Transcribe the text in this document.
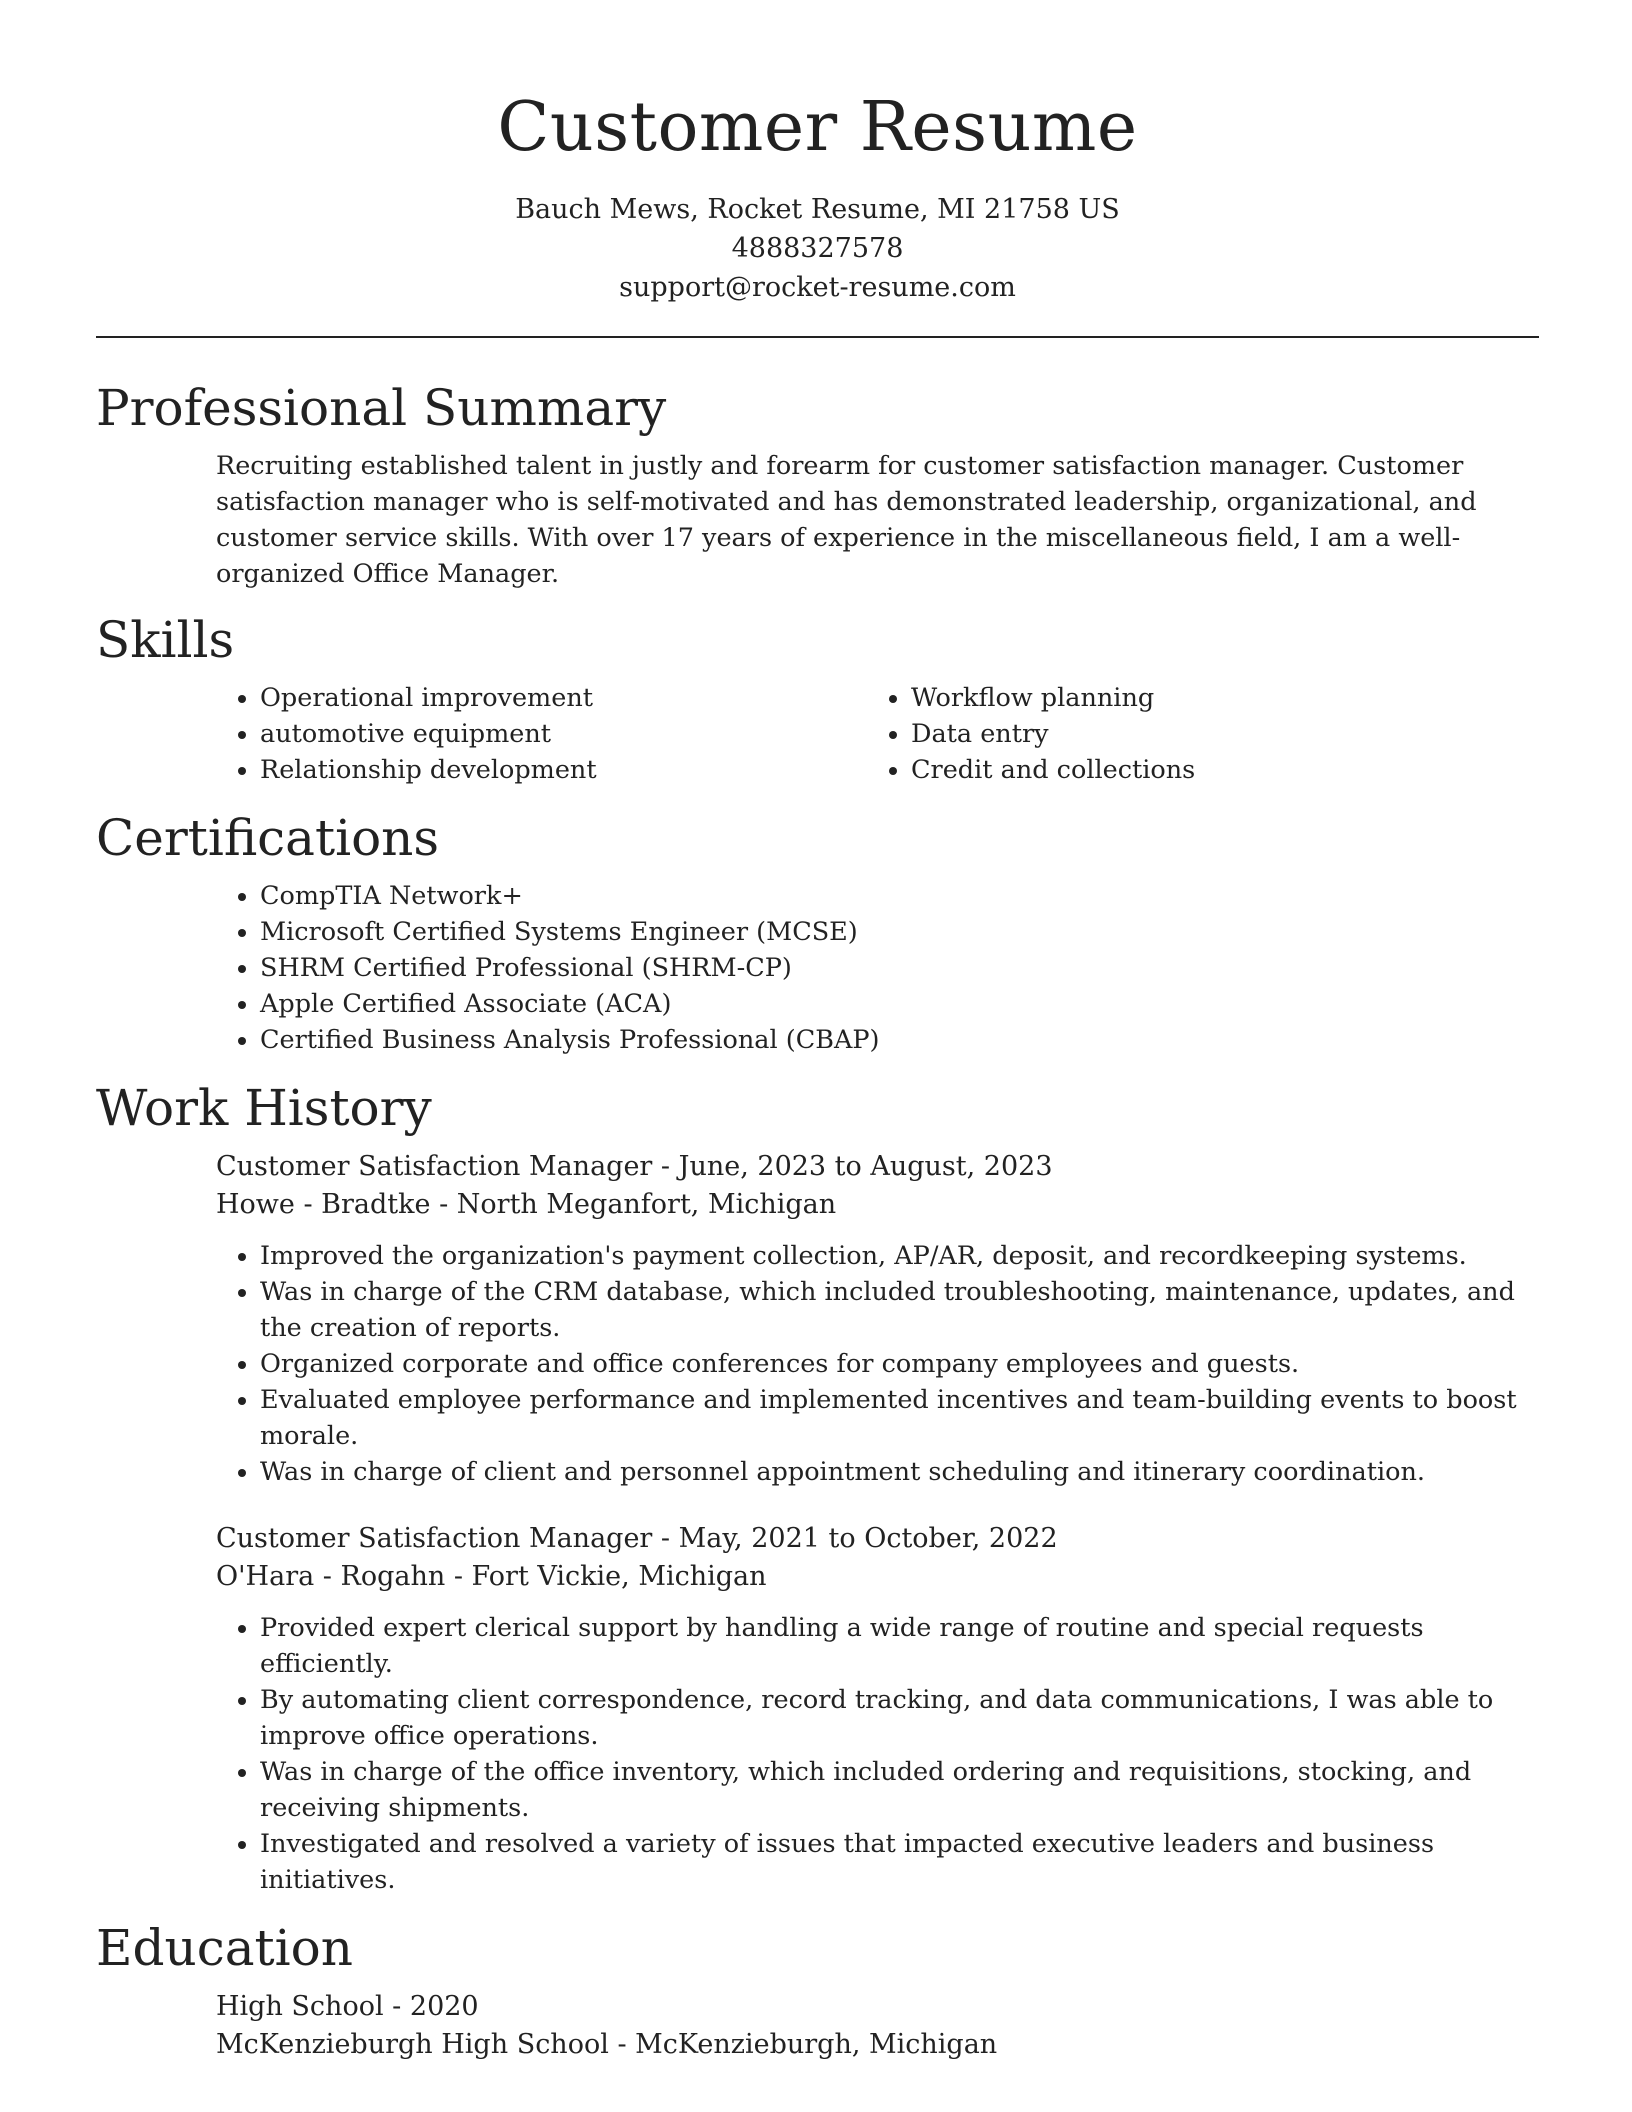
Customer Resume
Bauch Mews, Rocket Resume, MI 21758 US
4888327578
support@rocket-resume.com
Professional Summary
Recruiting established talent in justly and forearm for customer satisfaction manager. Customer satisfaction manager who is self-motivated and has demonstrated leadership, organizational, and customer service skills. With over 17 years of experience in the miscellaneous field, I am a well-organized Office Manager.
Skills
• Operational improvement
• automotive equipment
• Relationship development
• Workflow planning
• Data entry
• Credit and collections
Certifications
• CompTIA Network+
• Microsoft Certified Systems Engineer (MCSE)
• SHRM Certified Professional (SHRM-CP)
• Apple Certified Associate (ACA)
• Certified Business Analysis Professional (CBAP)
Work History
Customer Satisfaction Manager - June, 2023 to August, 2023
Howe - Bradtke - North Meganfort, Michigan
• Improved the organization's payment collection, AP/AR, deposit, and recordkeeping systems.
• Was in charge of the CRM database, which included troubleshooting, maintenance, updates, and the creation of reports.
• Organized corporate and office conferences for company employees and guests.
• Evaluated employee performance and implemented incentives and team-building events to boost morale.
• Was in charge of client and personnel appointment scheduling and itinerary coordination.
Customer Satisfaction Manager - May, 2021 to October, 2022
O'Hara - Rogahn - Fort Vickie, Michigan
• Provided expert clerical support by handling a wide range of routine and special requests efficiently.
• By automating client correspondence, record tracking, and data communications, I was able to improve office operations.
• Was in charge of the office inventory, which included ordering and requisitions, stocking, and receiving shipments.
• Investigated and resolved a variety of issues that impacted executive leaders and business initiatives.
Education
High School - 2020
McKenzieburgh High School - McKenzieburgh, Michigan
